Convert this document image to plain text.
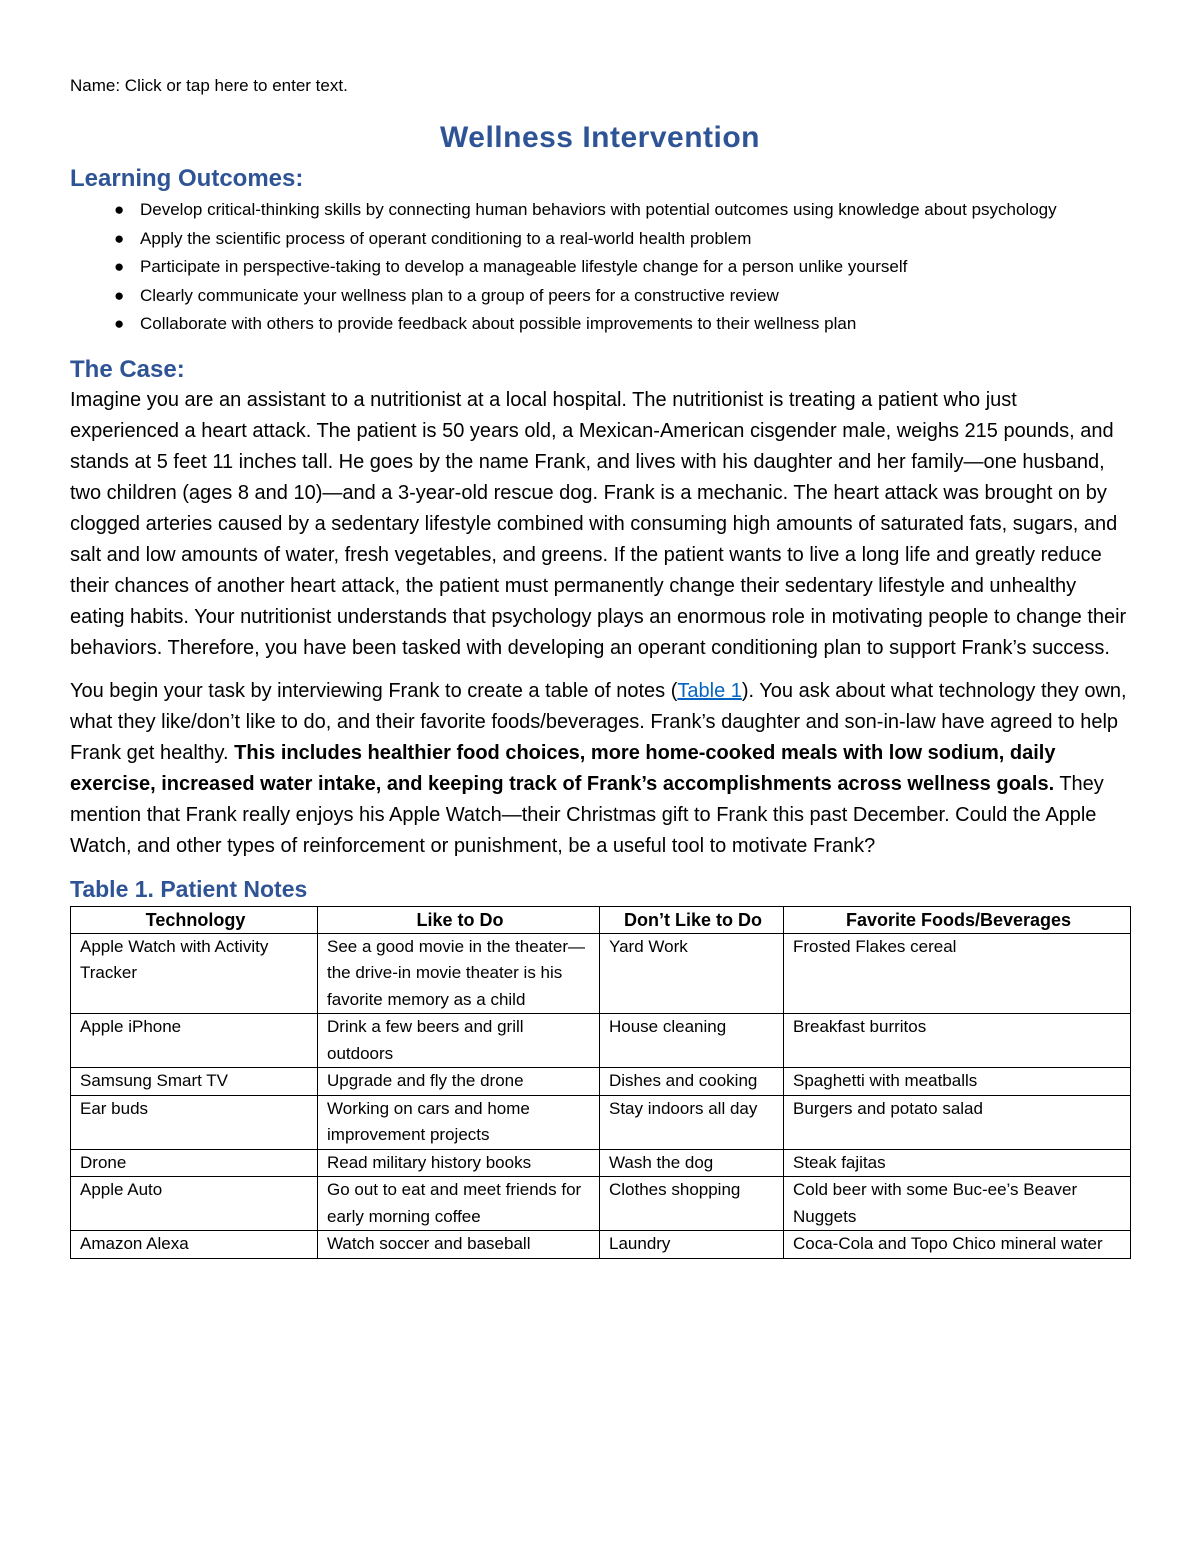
Name: Click or tap here to enter text.

Wellness Intervention
Learning Outcomes:
● Develop critical-thinking skills by connecting human behaviors with potential outcomes using knowledge about psychology
● Apply the scientific process of operant conditioning to a real-world health problem
● Participate in perspective-taking to develop a manageable lifestyle change for a person unlike yourself
● Clearly communicate your wellness plan to a group of peers for a constructive review
● Collaborate with others to provide feedback about possible improvements to their wellness plan
The Case:

Imagine you are an assistant to a nutritionist at a local hospital. The nutritionist is treating a patient who just experienced a heart attack. The patient is 50 years old, a Mexican-American cisgender male, weighs 215 pounds, and stands at 5 feet 11 inches tall. He goes by the name Frank, and lives with his daughter and her family—one husband, two children (ages 8 and 10)—and a 3-year-old rescue dog. Frank is a mechanic. The heart attack was brought on by clogged arteries caused by a sedentary lifestyle combined with consuming high amounts of saturated fats, sugars, and salt and low amounts of water, fresh vegetables, and greens. If the patient wants to live a long life and greatly reduce their chances of another heart attack, the patient must permanently change their sedentary lifestyle and unhealthy eating habits. Your nutritionist understands that psychology plays an enormous role in motivating people to change their behaviors. Therefore, you have been tasked with developing an operant conditioning plan to support Frank’s success.

You begin your task by interviewing Frank to create a table of notes (Table 1). You ask about what technology they own, what they like/don’t like to do, and their favorite foods/beverages. Frank’s daughter and son-in-law have agreed to help Frank get healthy. This includes healthier food choices, more home-cooked meals with low sodium, daily exercise, increased water intake, and keeping track of Frank’s accomplishments across wellness goals. They mention that Frank really enjoys his Apple Watch—their Christmas gift to Frank this past December. Could the Apple Watch, and other types of reinforcement or punishment, be a useful tool to motivate Frank?

Table 1. Patient Notes
Technology	Like to Do	Don’t Like to Do	Favorite Foods/Beverages
Apple Watch with Activity Tracker	See a good movie in the theater—the drive-in movie theater is his favorite memory as a child	Yard Work	Frosted Flakes cereal
Apple iPhone	Drink a few beers and grill outdoors	House cleaning	Breakfast burritos
Samsung Smart TV	Upgrade and fly the drone	Dishes and cooking	Spaghetti with meatballs
Ear buds	Working on cars and home improvement projects	Stay indoors all day	Burgers and potato salad
Drone	Read military history books	Wash the dog	Steak fajitas
Apple Auto	Go out to eat and meet friends for early morning coffee	Clothes shopping	Cold beer with some Buc-ee’s Beaver Nuggets
Amazon Alexa	Watch soccer and baseball	Laundry	Coca-Cola and Topo Chico mineral water
